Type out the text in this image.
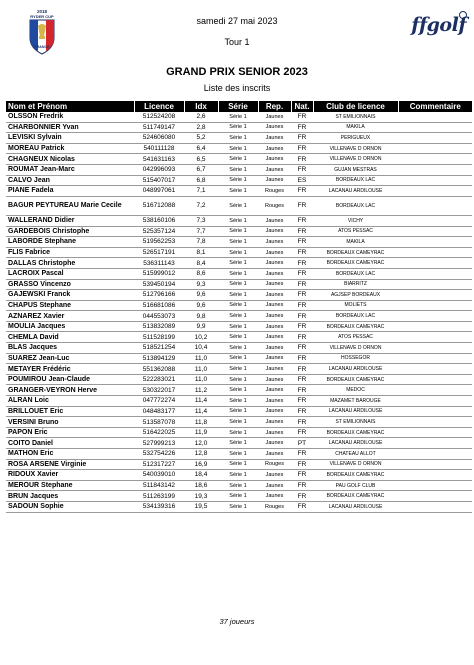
2018
RYDER CUP
FRANCE
samedi 27 mai 2023
Tour 1
ffgolf
GRAND PRIX SENIOR 2023
Liste des inscrits
Nom et Prénom	Licence	Idx	Série	Rep.	Nat.	Club de licence	Commentaire
OLSSON Fredrik	512524208	2,6	Série 1	Jaunes	FR	ST EMILIONNAIS	
CHARBONNIER Yvan	511749147	2,8	Série 1	Jaunes	FR	MAKILA	
LEVISKI Sylvain	524606080	5,2	Série 1	Jaunes	FR	PERIGUEUX	
MOREAU Patrick	540111128	6,4	Série 1	Jaunes	FR	VILLENAVE D ORNON	
CHAGNEUX Nicolas	541631163	6,5	Série 1	Jaunes	FR	VILLENAVE D ORNON	
ROUMAT Jean-Marc	042996093	6,7	Série 1	Jaunes	FR	GUJAN MESTRAS	
CALVO Jean	515407017	6,8	Série 1	Jaunes	ES	BORDEAUX LAC	
PIANE Fadela	048997061	7,1	Série 1	Rouges	FR	LACANAU ARDILOUSE	
BAGUR PEYTUREAU Marie Cecile	516712088	7,2	Série 1	Rouges	FR	BORDEAUX LAC	
WALLERAND Didier	538160106	7,3	Série 1	Jaunes	FR	VICHY	
GARDEBOIS Christophe	525357124	7,7	Série 1	Jaunes	FR	ATOS PESSAC	
LABORDE Stephane	519562253	7,8	Série 1	Jaunes	FR	MAKILA	
FLIS Fabrice	526517191	8,1	Série 1	Jaunes	FR	BORDEAUX CAMEYRAC	
DALLAS Christophe	536311143	8,4	Série 1	Jaunes	FR	BORDEAUX CAMEYRAC	
LACROIX Pascal	515999012	8,6	Série 1	Jaunes	FR	BORDEAUX LAC	
GRASSO Vincenzo	539450194	9,3	Série 1	Jaunes	FR	BIARRITZ	
GAJEWSKI Franck	512796166	9,6	Série 1	Jaunes	FR	AGJSEP BORDEAUX	
CHAPUS Stephane	516681086	9,6	Série 1	Jaunes	FR	MOLIETS	
AZNAREZ Xavier	044553073	9,8	Série 1	Jaunes	FR	BORDEAUX LAC	
MOULIA Jacques	513832089	9,9	Série 1	Jaunes	FR	BORDEAUX CAMEYRAC	
CHEMLA David	511528199	10,2	Série 1	Jaunes	FR	ATOS PESSAC	
BLAS Jacques	518521254	10,4	Série 1	Jaunes	FR	VILLENAVE D ORNON	
SUAREZ Jean-Luc	513894129	11,0	Série 1	Jaunes	FR	HOSSEGOR	
METAYER Frédéric	551362088	11,0	Série 1	Jaunes	FR	LACANAU ARDILOUSE	
POUMIROU Jean-Claude	522283021	11,0	Série 1	Jaunes	FR	BORDEAUX CAMEYRAC	
GRANGER-VEYRON Herve	530322017	11,2	Série 1	Jaunes	FR	MEDOC	
ALRAN Loic	047772274	11,4	Série 1	Jaunes	FR	MAZAMET BAROUGE	
BRILLOUET Eric	048483177	11,4	Série 1	Jaunes	FR	LACANAU ARDILOUSE	
VERSINI Bruno	513587078	11,8	Série 1	Jaunes	FR	ST EMILIONNAIS	
PAPON Eric	516422025	11,9	Série 1	Jaunes	FR	BORDEAUX CAMEYRAC	
COITO Daniel	527999213	12,0	Série 1	Jaunes	PT	LACANAU ARDILOUSE	
MATHON Eric	532754226	12,8	Série 1	Jaunes	FR	CHATEAU ALLOT	
ROSA ARSENE Virginie	512317227	16,9	Série 1	Rouges	FR	VILLENAVE D ORNON	
RIDOUX Xavier	540039010	18,4	Série 1	Jaunes	FR	BORDEAUX CAMEYRAC	
MEROUR Stephane	511843142	18,6	Série 1	Jaunes	FR	PAU GOLF CLUB	
BRUN Jacques	511263199	19,3	Série 1	Jaunes	FR	BORDEAUX CAMEYRAC	
SADOUN Sophie	534139316	19,5	Série 1	Rouges	FR	LACANAU ARDILOUSE	
37 joueurs
